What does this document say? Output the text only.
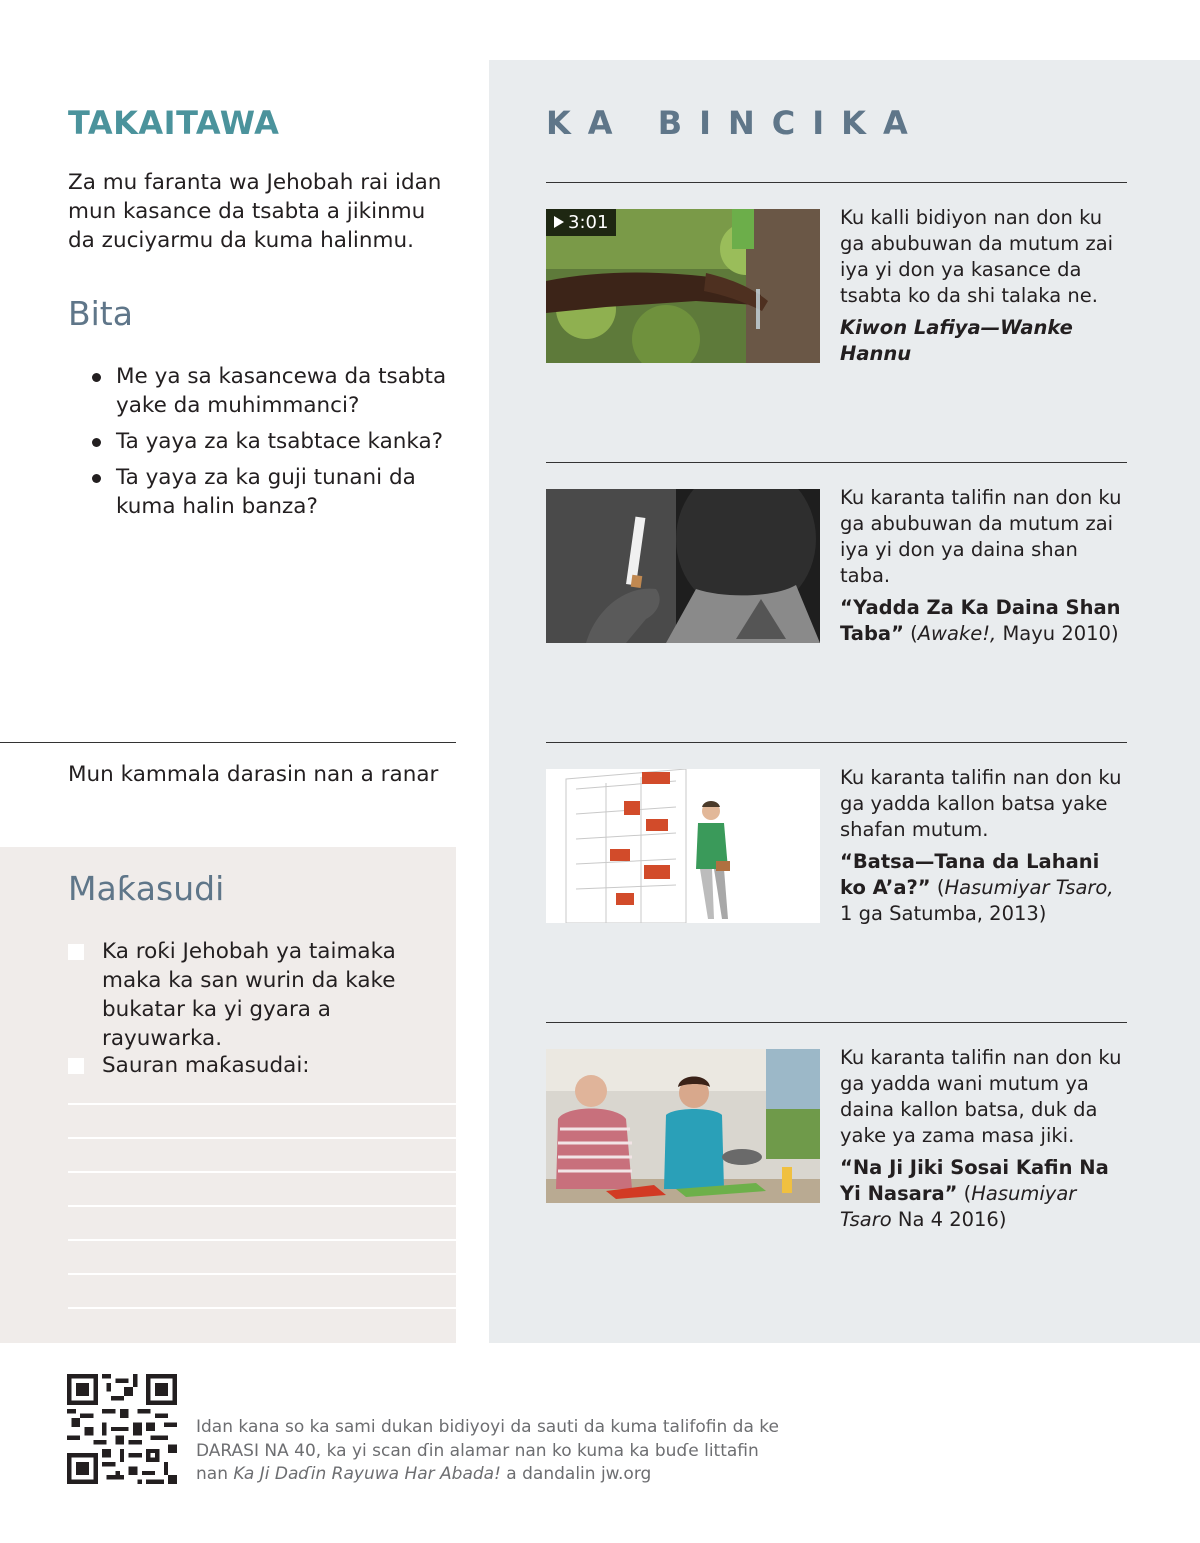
TAKAITAWA

Za mu faranta wa Jehobah rai idan mun kasance da tsabta a jikinmu da zuciyarmu da kuma halinmu.

Bita
Me ya sa kasancewa da tsabta yake da muhimmanci?
Ta yaya za ka tsabtace kanka?
Ta yaya za ka guji tunani da kuma halin banza?
Mun kammala darasin nan a ranar
Maƙasudi
Ka roƙi Jehobah ya taimaka maka ka san wurin da kake bukatar ka yi gyara a rayuwarka.
Sauran maƙasudai:
KA BINCIKA
3:01	Ku kalli bidiyon nan don ku ga abubuwan da mutum zai iya yi don ya kasance da tsabta ko da shi talaka ne.
Kiwon Lafiya—Wanke Hannu
Ku karanta talifin nan don ku ga abubuwan da mutum zai iya yi don ya daina shan taba.
“Yadda Za Ka Daina Shan Taba” (Awake!, Mayu 2010)
Ku karanta talifin nan don ku ga yadda kallon batsa yake shafan mutum.
“Batsa—Tana da Lahani ko A’a?” (Hasumiyar Tsaro, 1 ga Satumba, 2013)
Ku karanta talifin nan don ku ga yadda wani mutum ya daina kallon batsa, duk da yake ya zama masa jiki.
“Na Ji Jiki Sosai Kafin Na Yi Nasara” (Hasumiyar Tsaro Na 4 2016)
Idan kana so ka sami dukan bidiyoyi da sauti da kuma talifofin da ke DARASI NA 40, ka yi scan ɗin alamar nan ko kuma ka buɗe littafin nan Ka Ji Daɗin Rayuwa Har Abada! a dandalin jw.org
